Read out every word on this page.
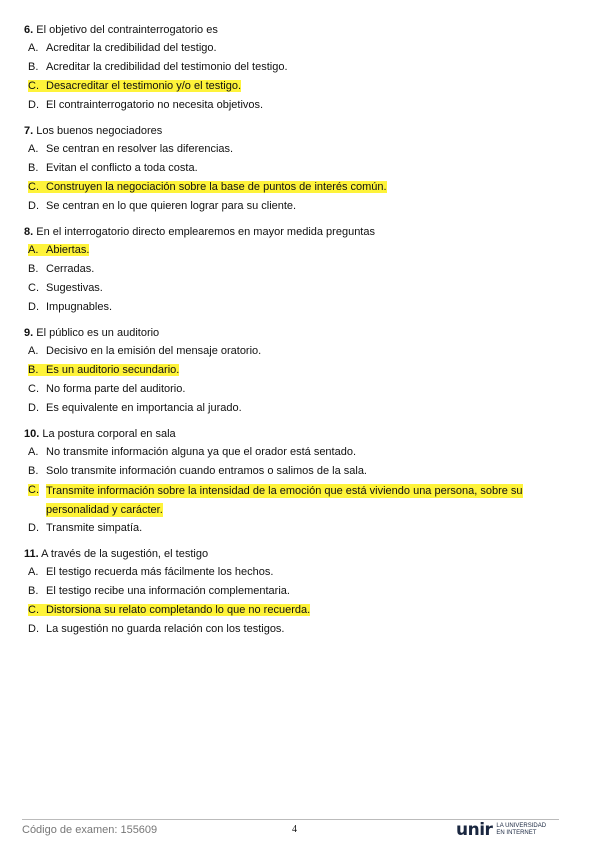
6. El objetivo del contrainterrogatorio es
A. Acreditar la credibilidad del testigo.
B. Acreditar la credibilidad del testimonio del testigo.
C. Desacreditar el testimonio y/o el testigo.
D. El contrainterrogatorio no necesita objetivos.
7. Los buenos negociadores
A. Se centran en resolver las diferencias.
B. Evitan el conflicto a toda costa.
C. Construyen la negociación sobre la base de puntos de interés común.
D. Se centran en lo que quieren lograr para su cliente.
8. En el interrogatorio directo emplearemos en mayor medida preguntas
A. Abiertas.
B. Cerradas.
C. Sugestivas.
D. Impugnables.
9. El público es un auditorio
A. Decisivo en la emisión del mensaje oratorio.
B. Es un auditorio secundario.
C. No forma parte del auditorio.
D. Es equivalente en importancia al jurado.
10. La postura corporal en sala
A. No transmite información alguna ya que el orador está sentado.
B. Solo transmite información cuando entramos o salimos de la sala.
C. Transmite información sobre la intensidad de la emoción que está viviendo una persona, sobre su personalidad y carácter.
D. Transmite simpatía.
11. A través de la sugestión, el testigo
A. El testigo recuerda más fácilmente los hechos.
B. El testigo recibe una información complementaria.
C. Distorsiona su relato completando lo que no recuerda.
D. La sugestión no guarda relación con los testigos.
Código de examen: 155609	4	unir LA UNIVERSIDAD
EN INTERNET
